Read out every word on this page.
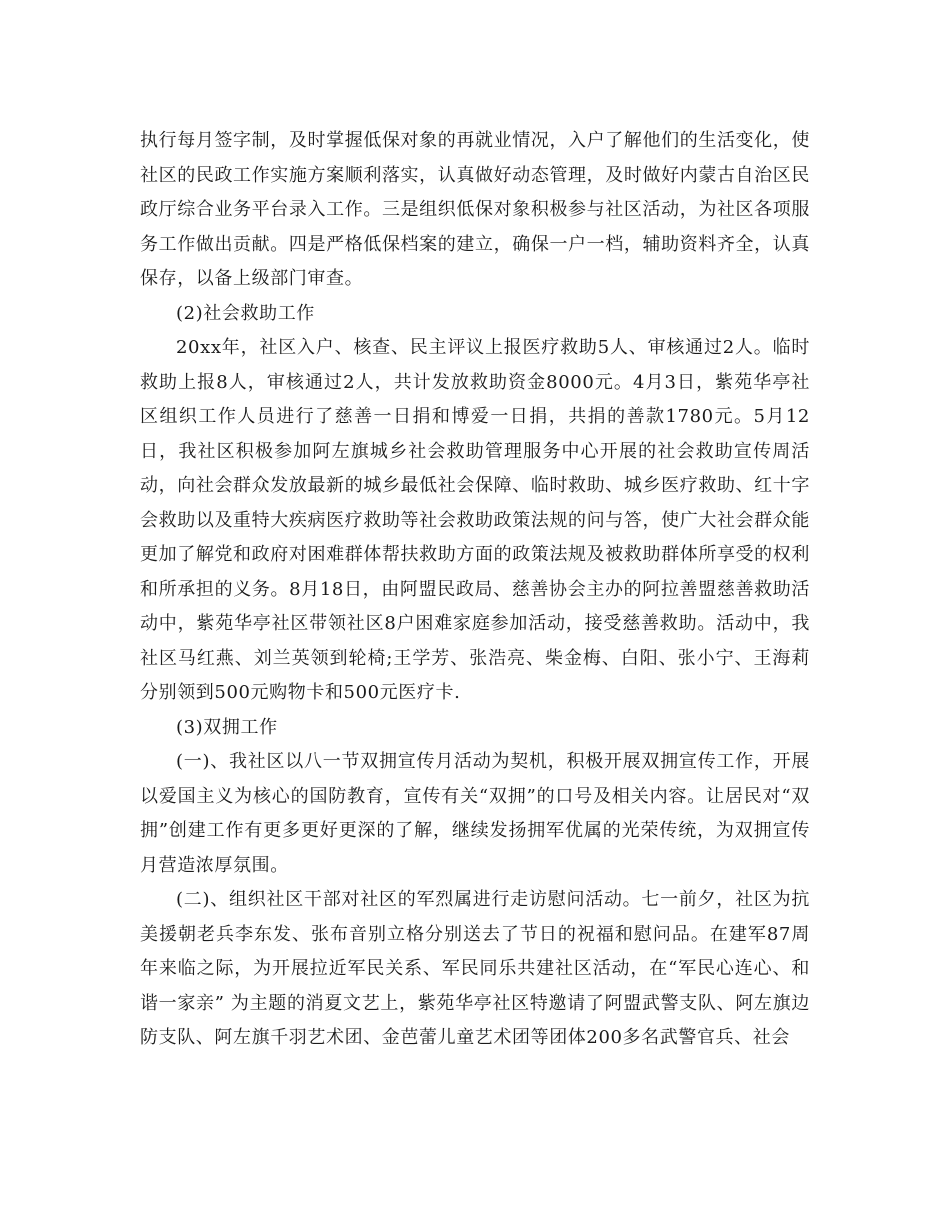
执行每月签字制，及时掌握低保对象的再就业情况，入户了解他们的生活变化，使社区的民政工作实施方案顺利落实，认真做好动态管理，及时做好内蒙古自治区民政厅综合业务平台录入工作。三是组织低保对象积极参与社区活动，为社区各项服务工作做出贡献。四是严格低保档案的建立，确保一户一档，辅助资料齐全，认真保存，以备上级部门审查。

(2)社会救助工作

20xx年，社区入户、核查、民主评议上报医疗救助5人、审核通过2人。临时救助上报8人，审核通过2人，共计发放救助资金8000元。4月3日，紫苑华亭社区组织工作人员进行了慈善一日捐和博爱一日捐，共捐的善款1780元。5月12日，我社区积极参加阿左旗城乡社会救助管理服务中心开展的社会救助宣传周活动，向社会群众发放最新的城乡最低社会保障、临时救助、城乡医疗救助、红十字会救助以及重特大疾病医疗救助等社会救助政策法规的问与答，使广大社会群众能更加了解党和政府对困难群体帮扶救助方面的政策法规及被救助群体所享受的权利和所承担的义务。8月18日，由阿盟民政局、慈善协会主办的阿拉善盟慈善救助活动中，紫苑华亭社区带领社区8户困难家庭参加活动，接受慈善救助。活动中，我社区马红燕、刘兰英领到轮椅;王学芳、张浩亮、柴金梅、白阳、张小宁、王海莉分别领到500元购物卡和500元医疗卡.

(3)双拥工作

(一)、我社区以八一节双拥宣传月活动为契机，积极开展双拥宣传工作，开展以爱国主义为核心的国防教育，宣传有关“双拥”的口号及相关内容。让居民对“双拥”创建工作有更多更好更深的了解，继续发扬拥军优属的光荣传统，为双拥宣传月营造浓厚氛围。

(二)、组织社区干部对社区的军烈属进行走访慰问活动。七一前夕，社区为抗美援朝老兵李东发、张布音别立格分别送去了节日的祝福和慰问品。在建军87周年来临之际，为开展拉近军民关系、军民同乐共建社区活动，在“军民心连心、和谐一家亲” 为主题的消夏文艺上，紫苑华亭社区特邀请了阿盟武警支队、阿左旗边防支队、阿左旗千羽艺术团、金芭蕾儿童艺术团等团体200多名武警官兵、社会
